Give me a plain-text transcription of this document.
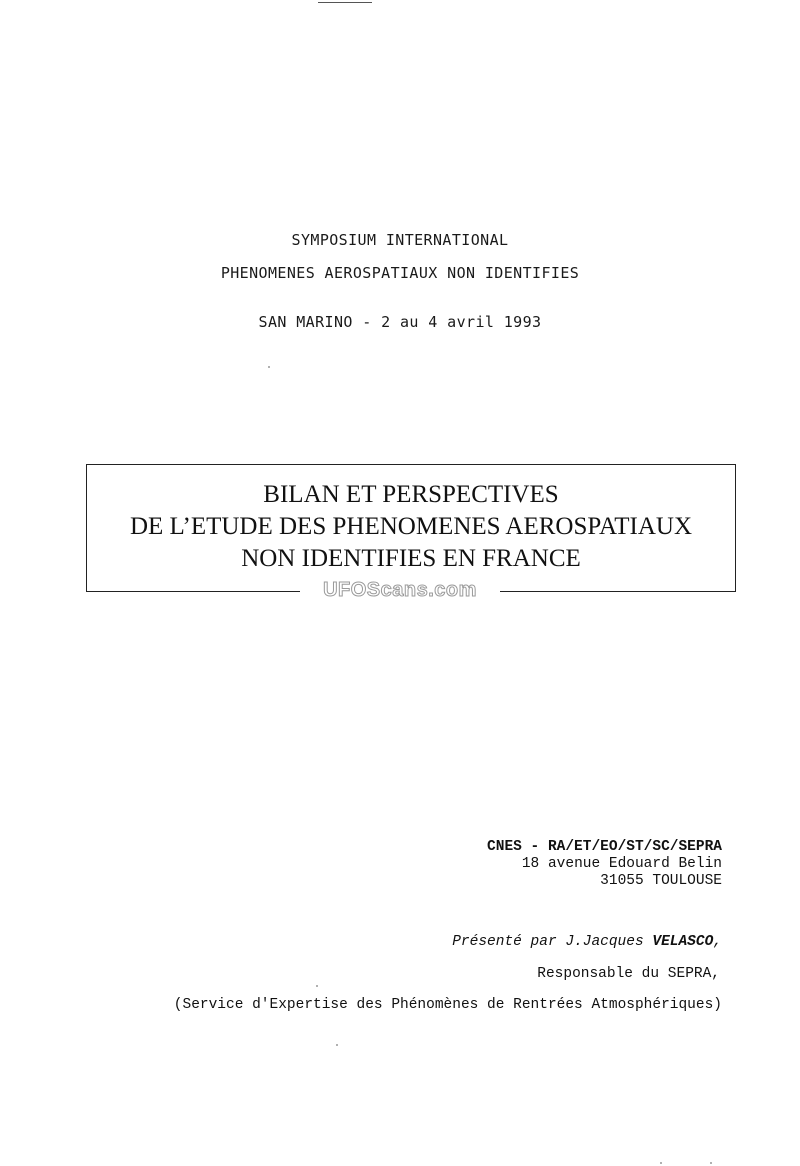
SYMPOSIUM INTERNATIONAL
PHENOMENES AEROSPATIAUX NON IDENTIFIES
SAN MARINO - 2 au 4 avril 1993
BILAN ET PERSPECTIVES
DE L’ETUDE DES PHENOMENES AEROSPATIAUX
NON IDENTIFIES EN FRANCE
UFOScans.com
CNES - RA/ET/EO/ST/SC/SEPRA
18 avenue Edouard Belin
31055 TOULOUSE
Présenté par J.Jacques VELASCO,
Responsable du SEPRA,
(Service d'Expertise des Phénomènes de Rentrées Atmosphériques)
